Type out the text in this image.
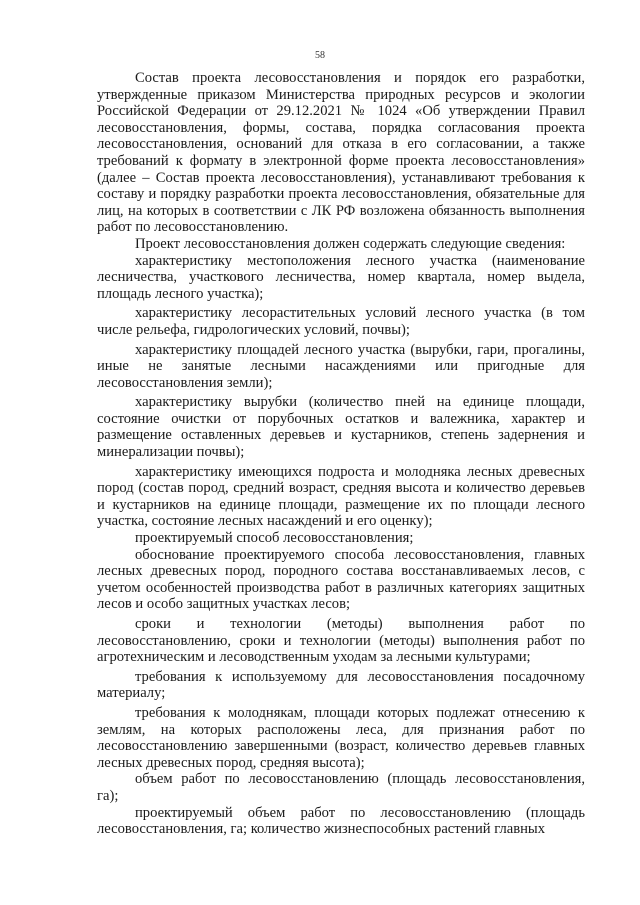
58

Состав проекта лесовосстановления и порядок его разработки, утвержденные приказом Министерства природных ресурсов и экологии Российской Федерации от 29.12.2021 № 1024 «Об утверждении Правил лесовосстановления, формы, состава, порядка согласования проекта лесовосстановления, оснований для отказа в его согласовании, а также требований к формату в электронной форме проекта лесовосстановления» (далее – Состав проекта лесовосстановления), устанавливают требования к составу и порядку разработки проекта лесовосстановления, обязательные для лиц, на которых в соответствии с ЛК РФ возложена обязанность выполнения работ по лесовосстановлению.

Проект лесовосстановления должен содержать следующие сведения:

характеристику местоположения лесного участка (наименование лесничества, участкового лесничества, номер квартала, номер выдела, площадь лесного участка);

характеристику лесорастительных условий лесного участка (в том числе рельефа, гидрологических условий, почвы);

характеристику площадей лесного участка (вырубки, гари, прогалины, иные не занятые лесными насаждениями или пригодные для лесовосстановления земли);

характеристику вырубки (количество пней на единице площади, состояние очистки от порубочных остатков и валежника, характер и размещение оставленных деревьев и кустарников, степень задернения и минерализации почвы);

характеристику имеющихся подроста и молодняка лесных древесных пород (состав пород, средний возраст, средняя высота и количество деревьев и кустарников на единице площади, размещение их по площади лесного участка, состояние лесных насаждений и его оценку);

проектируемый способ лесовосстановления;

обоснование проектируемого способа лесовосстановления, главных лесных древесных пород, породного состава восстанавливаемых лесов, с учетом особенностей производства работ в различных категориях защитных лесов и особо защитных участках лесов;

сроки и технологии (методы) выполнения работ по лесовосстановлению, сроки и технологии (методы) выполнения работ по агротехническим и лесоводственным уходам за лесными культурами;

требования к используемому для лесовосстановления посадочному материалу;

требования к молоднякам, площади которых подлежат отнесению к землям, на которых расположены леса, для признания работ по лесовосстановлению завершенными (возраст, количество деревьев главных лесных древесных пород, средняя высота);

объем работ по лесовосстановлению (площадь лесовосстановления, га);

проектируемый объем работ по лесовосстановлению (площадь лесовосстановления, га; количество жизнеспособных растений главных
